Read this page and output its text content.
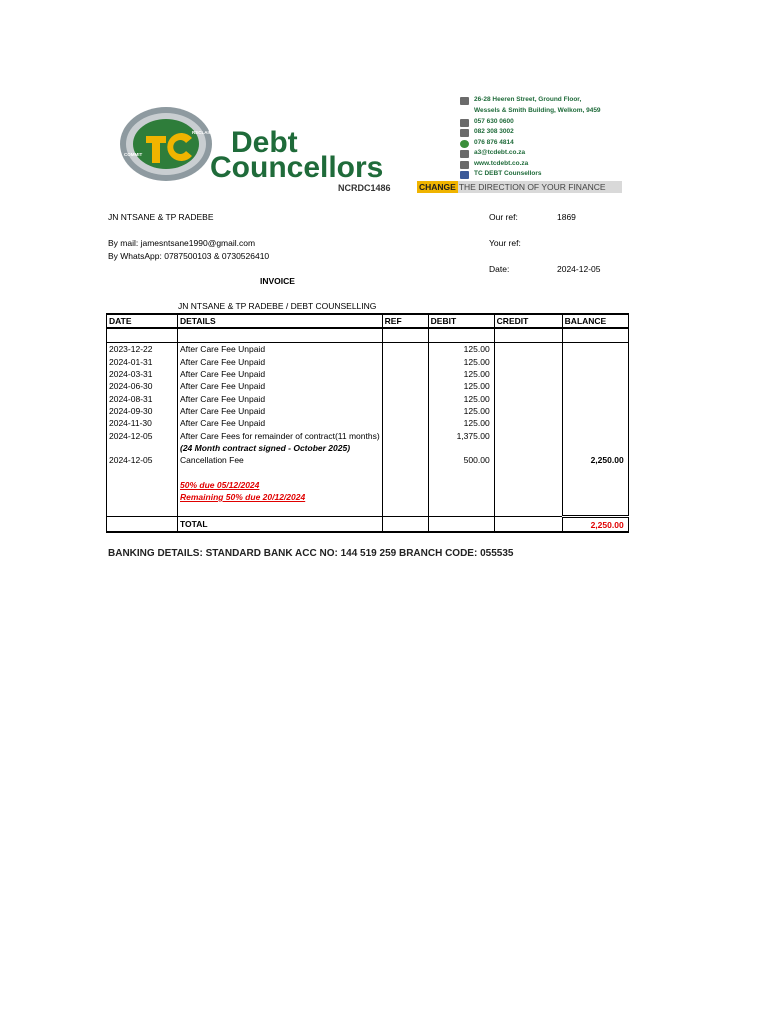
CONSOLIDATE
COMMIT
RECLAIM
TC	Debt
Councellors
NCRDC1486
26-28 Heeren Street, Ground Floor,
Wessels & Smith Building, Welkom, 9459
057 630 0600
082 308 3002
076 876 4814
a3@tcdebt.co.za
www.tcdebt.co.za
TC DEBT Counsellors
CHANGE THE DIRECTION OF YOUR FINANCE
JN NTSANE & TP RADEBE
By mail: jamesntsane1990@gmail.com
By WhatsApp: 0787500103 & 0730526410
Our ref:	1869
Your ref:
Date:	2024-12-05
INVOICE
JN NTSANE & TP RADEBE / DEBT COUNSELLING
DATE	DETAILS	REF	DEBIT	CREDIT	BALANCE

2023-12-22	After Care Fee Unpaid		125.00		
2024-01-31	After Care Fee Unpaid		125.00		
2024-03-31	After Care Fee Unpaid		125.00		
2024-06-30	After Care Fee Unpaid		125.00		
2024-08-31	After Care Fee Unpaid		125.00		
2024-09-30	After Care Fee Unpaid		125.00		
2024-11-30	After Care Fee Unpaid		125.00		
2024-12-05	After Care Fees for remainder of contract(11 months)		1,375.00		
	(24 Month contract signed - October 2025)				
2024-12-05	Cancellation Fee		500.00		2,250.00

	50% due 05/12/2024				
	Remaining 50% due 20/12/2024				

	TOTAL				2,250.00
BANKING DETAILS: STANDARD BANK ACC NO: 144 519 259 BRANCH CODE: 055535
